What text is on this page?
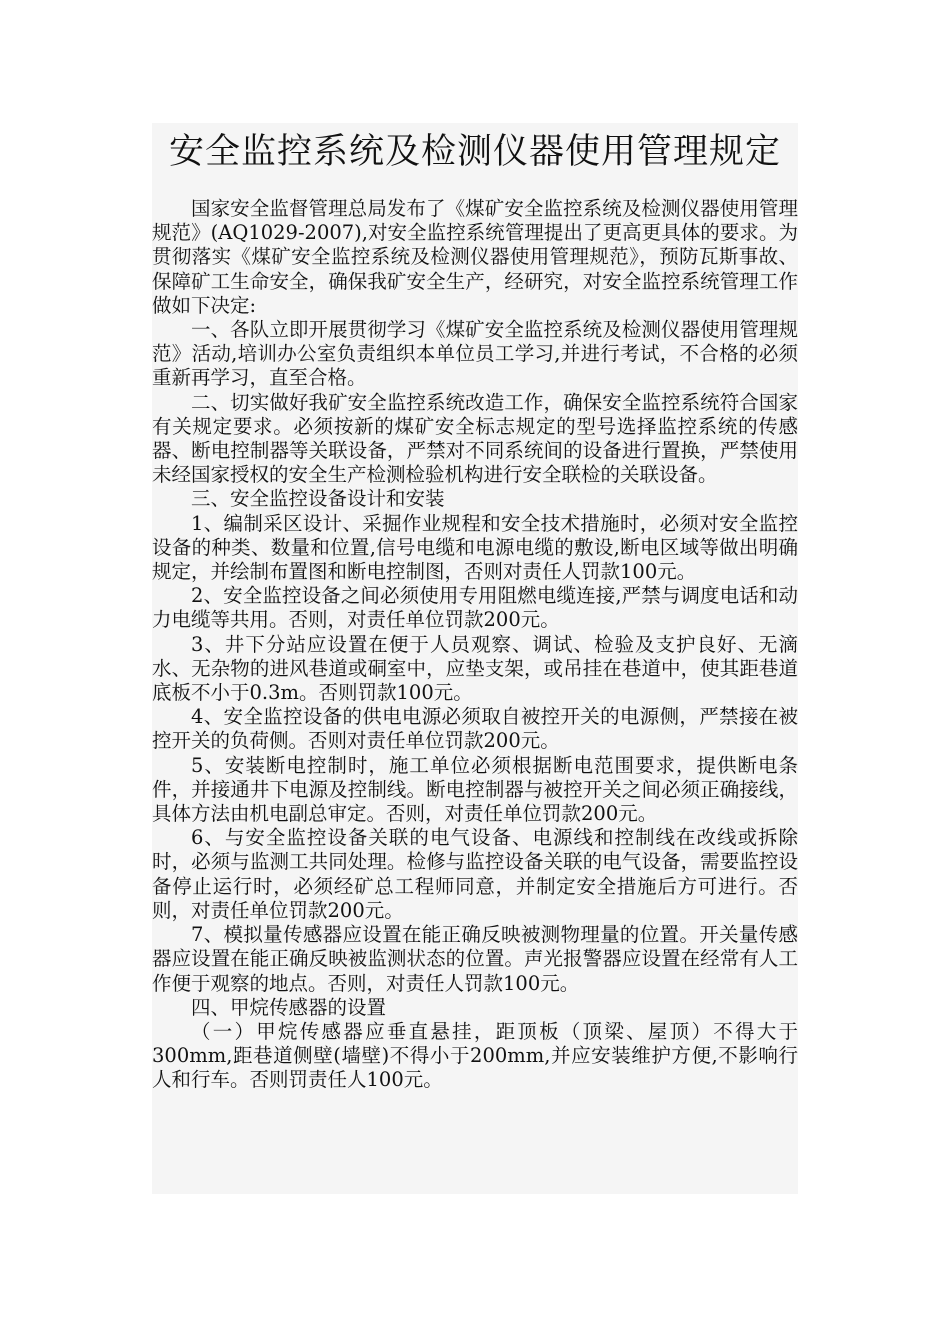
安全监控系统及检测仪器使用管理规定

国家安全监督管理总局发布了《煤矿安全监控系统及检测仪器使用管理规范》(AQ1029-2007),对安全监控系统管理提出了更高更具体的要求。为贯彻落实《煤矿安全监控系统及检测仪器使用管理规范》，预防瓦斯事故、保障矿工生命安全，确保我矿安全生产，经研究，对安全监控系统管理工作做如下决定:

一、各队立即开展贯彻学习《煤矿安全监控系统及检测仪器使用管理规范》活动,培训办公室负责组织本单位员工学习,并进行考试，不合格的必须重新再学习，直至合格。

二、切实做好我矿安全监控系统改造工作，确保安全监控系统符合国家有关规定要求。必须按新的煤矿安全标志规定的型号选择监控系统的传感器、断电控制器等关联设备，严禁对不同系统间的设备进行置换，严禁使用未经国家授权的安全生产检测检验机构进行安全联检的关联设备。

三、安全监控设备设计和安装

1、编制采区设计、采掘作业规程和安全技术措施时，必须对安全监控设备的种类、数量和位置,信号电缆和电源电缆的敷设,断电区域等做出明确规定，并绘制布置图和断电控制图，否则对责任人罚款100元。

2、安全监控设备之间必须使用专用阻燃电缆连接,严禁与调度电话和动力电缆等共用。否则，对责任单位罚款200元。

3、井下分站应设置在便于人员观察、调试、检验及支护良好、无滴水、无杂物的进风巷道或硐室中，应垫支架，或吊挂在巷道中，使其距巷道底板不小于0.3m。否则罚款100元。

4、安全监控设备的供电电源必须取自被控开关的电源侧，严禁接在被控开关的负荷侧。否则对责任单位罚款200元。

5、安装断电控制时，施工单位必须根据断电范围要求，提供断电条件，并接通井下电源及控制线。断电控制器与被控开关之间必须正确接线，具体方法由机电副总审定。否则，对责任单位罚款200元。

6、与安全监控设备关联的电气设备、电源线和控制线在改线或拆除时，必须与监测工共同处理。检修与监控设备关联的电气设备，需要监控设备停止运行时，必须经矿总工程师同意，并制定安全措施后方可进行。否则，对责任单位罚款200元。

7、模拟量传感器应设置在能正确反映被测物理量的位置。开关量传感器应设置在能正确反映被监测状态的位置。声光报警器应设置在经常有人工作便于观察的地点。否则，对责任人罚款100元。

四、甲烷传感器的设置

（一）甲烷传感器应垂直悬挂，距顶板（顶梁、屋顶）不得大于300mm,距巷道侧壁(墙壁)不得小于200mm,并应安装维护方便,不影响行人和行车。否则罚责任人100元。
